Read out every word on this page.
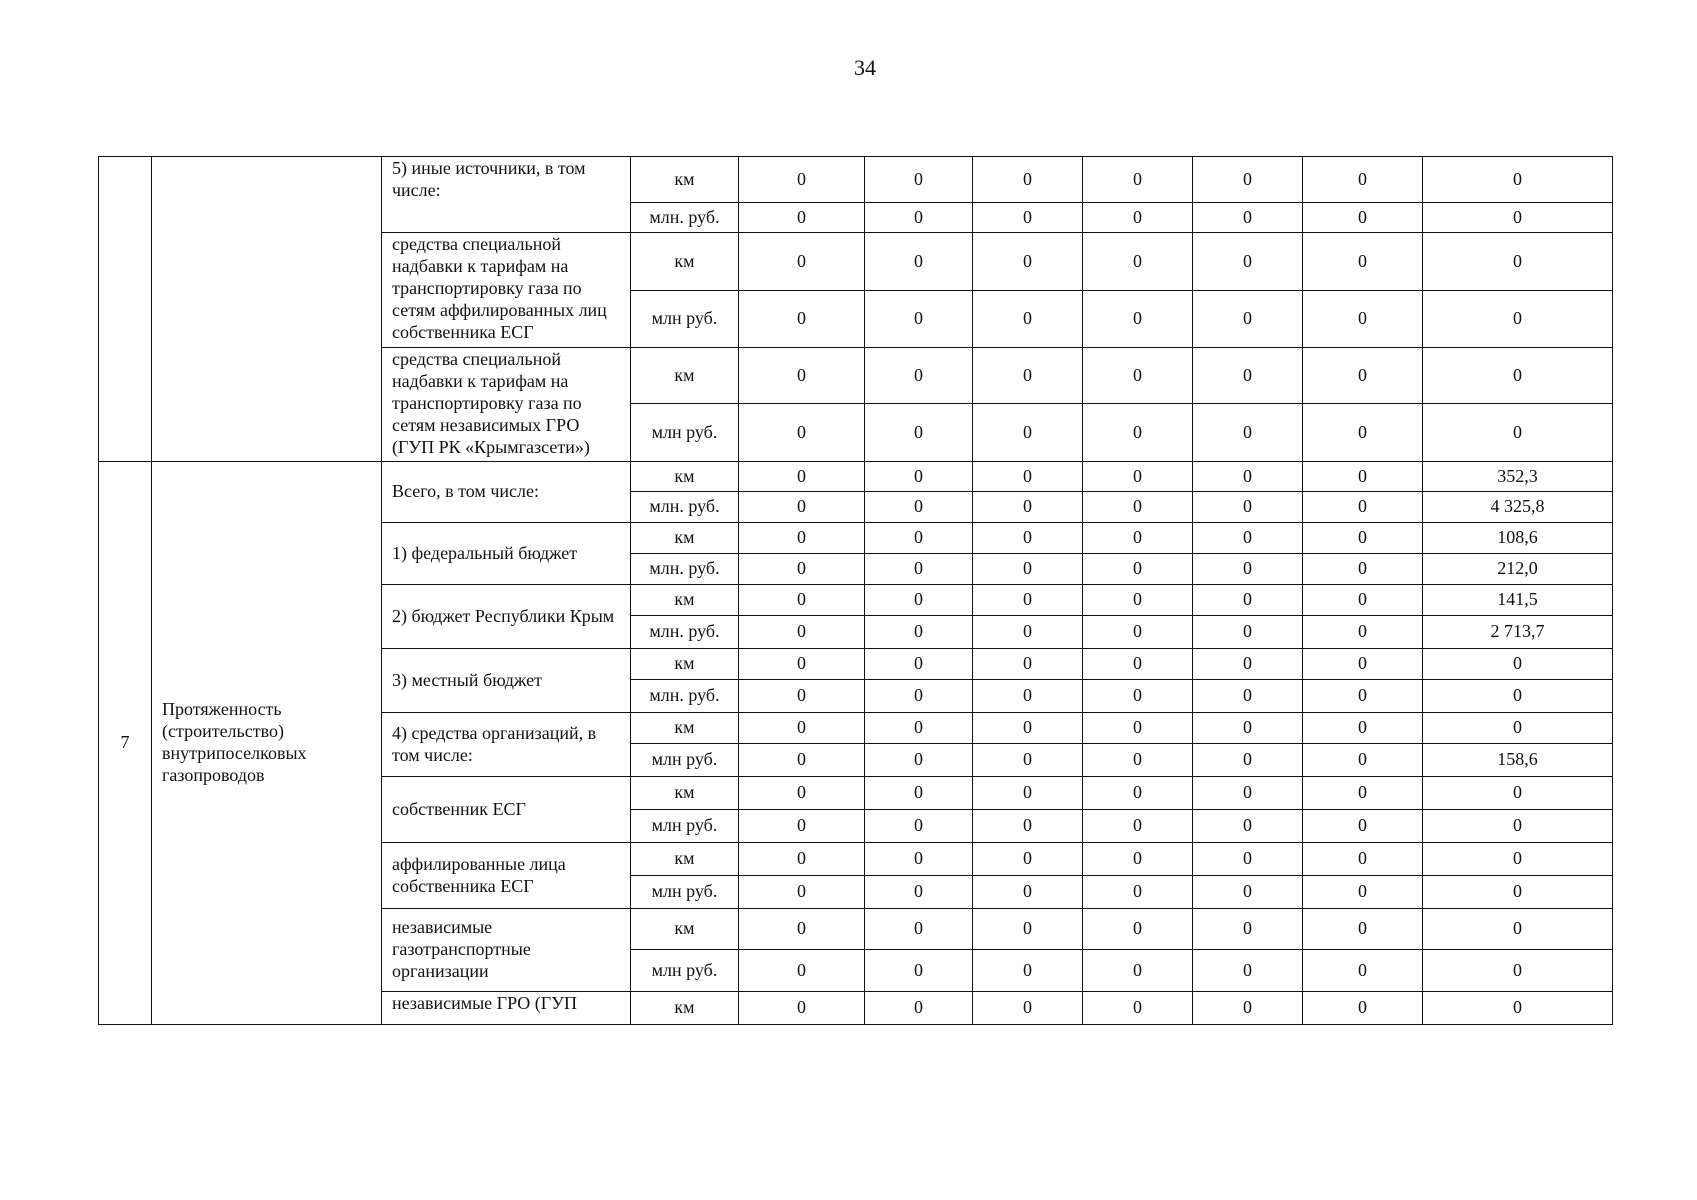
34
		5) иные источники, в том числе:	км	0	0	0	0	0	0	0
			млн. руб.	0	0	0	0	0	0	0
		средства специальной надбавки к тарифам на транспортировку газа по сетям аффилированных лиц собственника ЕСГ	км	0	0	0	0	0	0	0
			млн руб.	0	0	0	0	0	0	0
		средства специальной надбавки к тарифам на транспортировку газа по сетям независимых ГРО (ГУП РК «Крымгазсети»)	км	0	0	0	0	0	0	0
			млн руб.	0	0	0	0	0	0	0
7	Протяженность (строительство) внутрипоселковых газопроводов	Всего, в том числе:	км	0	0	0	0	0	0	352,3
			млн. руб.	0	0	0	0	0	0	4 325,8
		1) федеральный бюджет	км	0	0	0	0	0	0	108,6
			млн. руб.	0	0	0	0	0	0	212,0
		2) бюджет Республики Крым	км	0	0	0	0	0	0	141,5
			млн. руб.	0	0	0	0	0	0	2 713,7
		3) местный бюджет	км	0	0	0	0	0	0	0
			млн. руб.	0	0	0	0	0	0	0
		4) средства организаций, в том числе:	км	0	0	0	0	0	0	0
			млн руб.	0	0	0	0	0	0	158,6
		собственник ЕСГ	км	0	0	0	0	0	0	0
			млн руб.	0	0	0	0	0	0	0
		аффилированные лица собственника ЕСГ	км	0	0	0	0	0	0	0
			млн руб.	0	0	0	0	0	0	0
		независимые газотранспортные организации	км	0	0	0	0	0	0	0
			млн руб.	0	0	0	0	0	0	0
		независимые ГРО (ГУП	км	0	0	0	0	0	0	0
